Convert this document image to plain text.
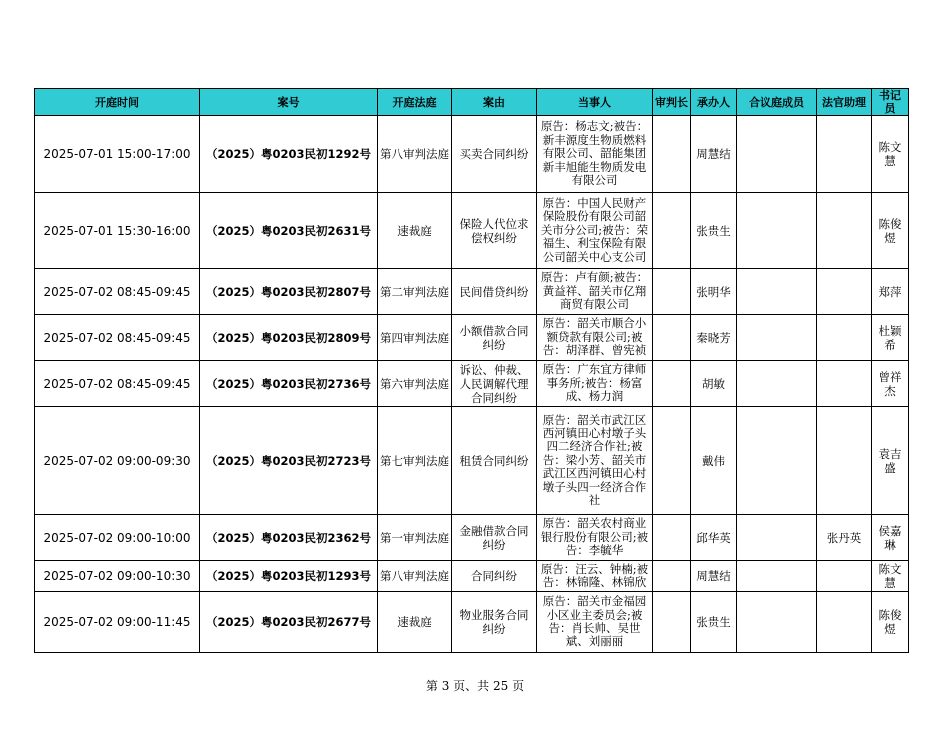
开庭时间	案号	开庭法庭	案由	当事人	审判长	承办人	合议庭成员	法官助理	书记员
2025-07-01 15:00-17:00	（2025）粤0203民初1292号	第八审判法庭	买卖合同纠纷	原告：杨志文;被告：新丰源度生物质燃料有限公司、韶能集团新丰旭能生物质发电有限公司		周慧结			陈文慧
2025-07-01 15:30-16:00	（2025）粤0203民初2631号	速裁庭	保险人代位求偿权纠纷	原告：中国人民财产保险股份有限公司韶关市分公司;被告：荣福生、利宝保险有限公司韶关中心支公司		张贵生			陈俊煜
2025-07-02 08:45-09:45	（2025）粤0203民初2807号	第二审判法庭	民间借贷纠纷	原告：卢有颜;被告：黄益祥、韶关市亿翔商贸有限公司		张明华			郑萍
2025-07-02 08:45-09:45	（2025）粤0203民初2809号	第四审判法庭	小额借款合同纠纷	原告：韶关市顺合小额贷款有限公司;被告：胡泽群、曾宪祯		秦晓芳			杜颖希
2025-07-02 08:45-09:45	（2025）粤0203民初2736号	第六审判法庭	诉讼、仲裁、人民调解代理合同纠纷	原告：广东宜方律师事务所;被告：杨富成、杨力润		胡敏			曾祥杰
2025-07-02 09:00-09:30	（2025）粤0203民初2723号	第七审判法庭	租赁合同纠纷	原告：韶关市武江区西河镇田心村墩子头四二经济合作社;被告：梁小芳、韶关市武江区西河镇田心村墩子头四一经济合作社		戴伟			袁吉盛
2025-07-02 09:00-10:00	（2025）粤0203民初2362号	第一审判法庭	金融借款合同纠纷	原告：韶关农村商业银行股份有限公司;被告：李毓华		邱华英		张丹英	侯嘉琳
2025-07-02 09:00-10:30	（2025）粤0203民初1293号	第八审判法庭	合同纠纷	原告：汪云、钟楠;被告：林锦隆、林锦欣		周慧结			陈文慧
2025-07-02 09:00-11:45	（2025）粤0203民初2677号	速裁庭	物业服务合同纠纷	原告：韶关市金福园小区业主委员会;被告：肖长帅、吴世斌、刘丽丽		张贵生			陈俊煜
第 3 页、共 25 页
